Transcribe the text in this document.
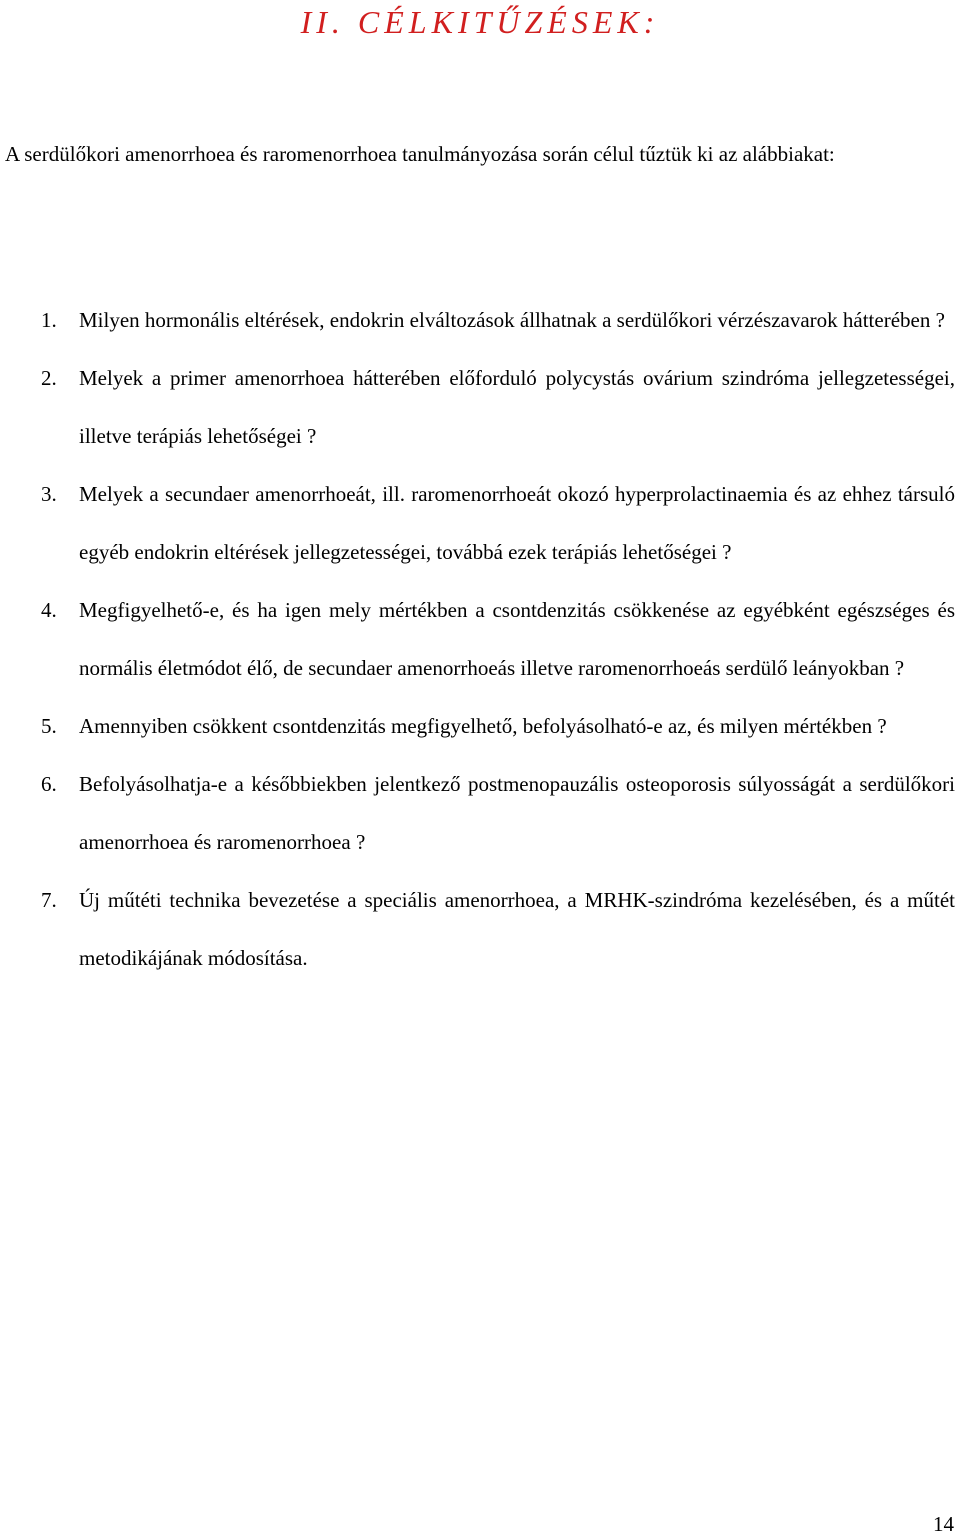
II. CÉLKITŰZÉSEK:

A serdülőkori amenorrhoea és raromenorrhoea tanulmányozása során célul tűztük ki az alábbiakat:

1. Milyen hormonális eltérések, endokrin elváltozások állhatnak a serdülőkori vérzészavarok hátterében ?
2. Melyek a primer amenorrhoea hátterében előforduló polycystás ovárium szindróma jellegzetességei, illetve terápiás lehetőségei ?
3. Melyek a secundaer amenorrhoeát, ill. raromenorrhoeát okozó hyperprolactinaemia és az ehhez társuló egyéb endokrin eltérések jellegzetességei, továbbá ezek terápiás lehetőségei ?
4. Megfigyelhető-e, és ha igen mely mértékben a csontdenzitás csökkenése az egyébként egészséges és normális életmódot élő, de secundaer amenorrhoeás illetve raromenorrhoeás serdülő leányokban ?
5. Amennyiben csökkent csontdenzitás megfigyelhető, befolyásolható-e az, és milyen mértékben ?
6. Befolyásolhatja-e a későbbiekben jelentkező postmenopauzális osteoporosis súlyosságát a serdülőkori amenorrhoea és raromenorrhoea ?
7. Új műtéti technika bevezetése a speciális amenorrhoea, a MRHK-szindróma kezelésében, és a műtét metodikájának módosítása.
14
